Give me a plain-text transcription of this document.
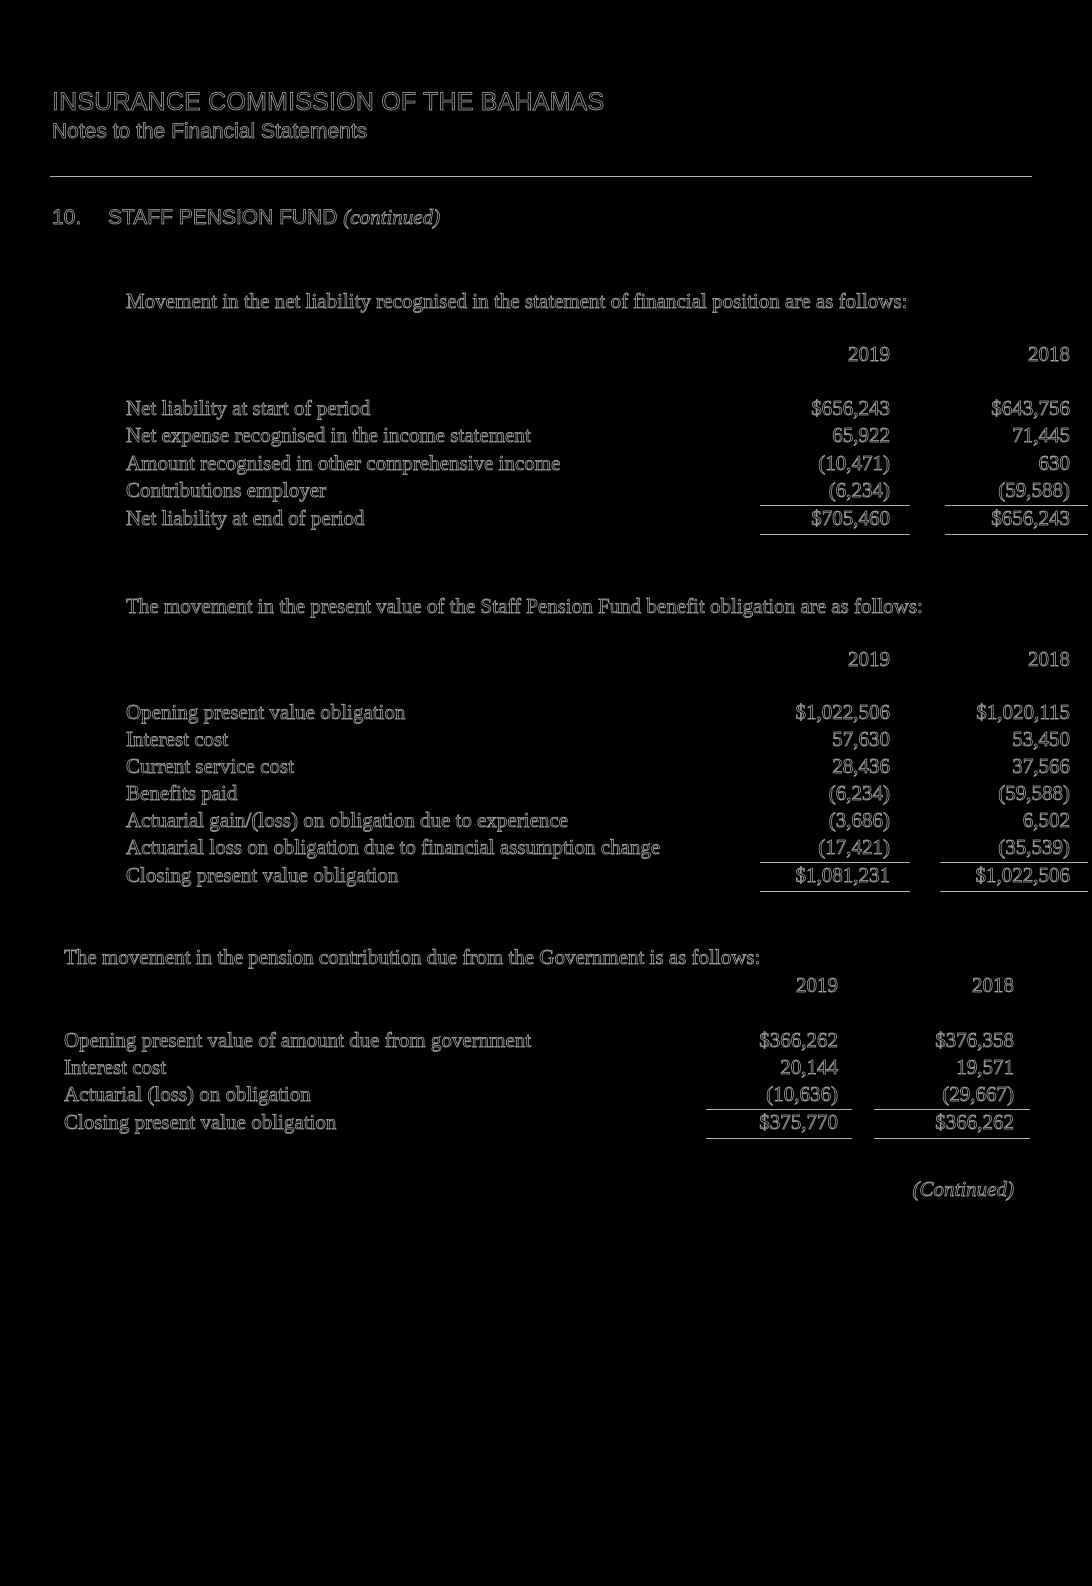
INSURANCE COMMISSION OF THE BAHAMAS
Notes to the Financial Statements
10. STAFF PENSION FUND (continued)
Movement in the net liability recognised in the statement of financial position are as follows:
2019	2018
Net liability at start of period	$656,243	$643,756
Net expense recognised in the income statement	65,922	71,445
Amount recognised in other comprehensive income	(10,471)	630
Contributions employer	(6,234)	(59,588)
Net liability at end of period	$705,460	$656,243
The movement in the present value of the Staff Pension Fund benefit obligation are as follows:
2019	2018
Opening present value obligation	$1,022,506	$1,020,115
Interest cost	57,630	53,450
Current service cost	28,436	37,566
Benefits paid	(6,234)	(59,588)
Actuarial gain/(loss) on obligation due to experience	(3,686)	6,502
Actuarial loss on obligation due to financial assumption change	(17,421)	(35,539)
Closing present value obligation	$1,081,231	$1,022,506
The movement in the pension contribution due from the Government is as follows:
2019	2018
Opening present value of amount due from government	$366,262	$376,358
Interest cost	20,144	19,571
Actuarial (loss) on obligation	(10,636)	(29,667)
Closing present value obligation	$375,770	$366,262
(Continued)
